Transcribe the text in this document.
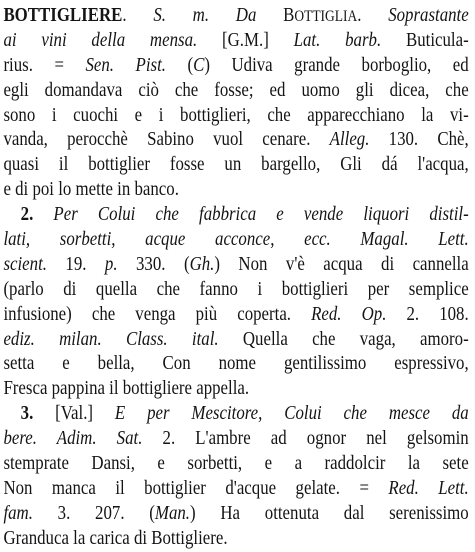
BOTTIGLIERE. S. m. Da BOTTIGLIA. Soprastante
ai vini della mensa. [G.M.] Lat. barb. Buticula-
rius. = Sen. Pist. (C) Udiva grande borboglio, ed
egli domandava ciò che fosse; ed uomo gli dicea, che
sono i cuochi e i bottiglieri, che apparecchiano la vi-
vanda, perocchè Sabino vuol cenare. Alleg. 130. Chè,
quasi il bottiglier fosse un bargello, Gli dá l'acqua,
e di poi lo mette in banco.
2. Per Colui che fabbrica e vende liquori distil-
lati, sorbetti, acque acconce, ecc. Magal. Lett.
scient. 19. p. 330. (Gh.) Non v'è acqua di cannella
(parlo di quella che fanno i bottiglieri per semplice
infusione) che venga più coperta. Red. Op. 2. 108.
ediz. milan. Class. ital. Quella che vaga, amoro-
setta e bella, Con nome gentilissimo espressivo,
Fresca pappina il bottigliere appella.
3. [Val.] E per Mescitore, Colui che mesce da
bere. Adim. Sat. 2. L'ambre ad ognor nel gelsomin
stemprate Dansi, e sorbetti, e a raddolcir la sete
Non manca il bottiglier d'acque gelate. = Red. Lett.
fam. 3. 207. (Man.) Ha ottenuta dal serenissimo
Granduca la carica di Bottigliere.
